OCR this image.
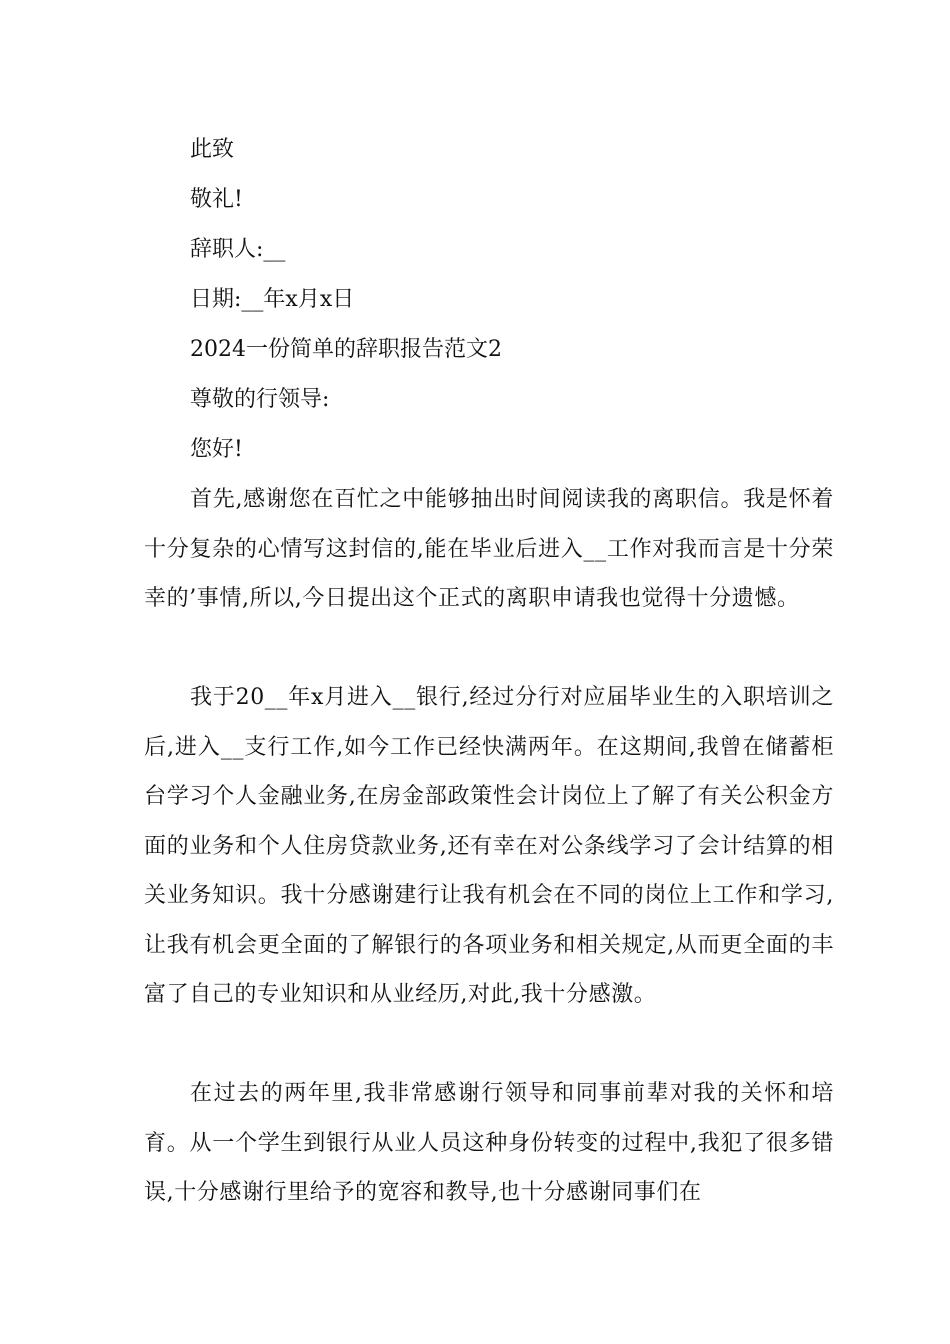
此致
敬礼!
辞职人:__
日期:__年x月x日
2024一份简单的辞职报告范文2
尊敬的行领导:
您好!

首先,感谢您在百忙之中能够抽出时间阅读我的离职信。我是怀着十分复杂的心情写这封信的,能在毕业后进入__工作对我而言是十分荣幸的’事情,所以,今日提出这个正式的离职申请我也觉得十分遗憾。

我于20__年x月进入__银行,经过分行对应届毕业生的入职培训之后,进入__支行工作,如今工作已经快满两年。在这期间,我曾在储蓄柜台学习个人金融业务,在房金部政策性会计岗位上了解了有关公积金方面的业务和个人住房贷款业务,还有幸在对公条线学习了会计结算的相关业务知识。我十分感谢建行让我有机会在不同的岗位上工作和学习,让我有机会更全面的了解银行的各项业务和相关规定,从而更全面的丰富了自己的专业知识和从业经历,对此,我十分感激。

在过去的两年里,我非常感谢行领导和同事前辈对我的关怀和培育。从一个学生到银行从业人员这种身份转变的过程中,我犯了很多错误,十分感谢行里给予的宽容和教导,也十分感谢同事们在
